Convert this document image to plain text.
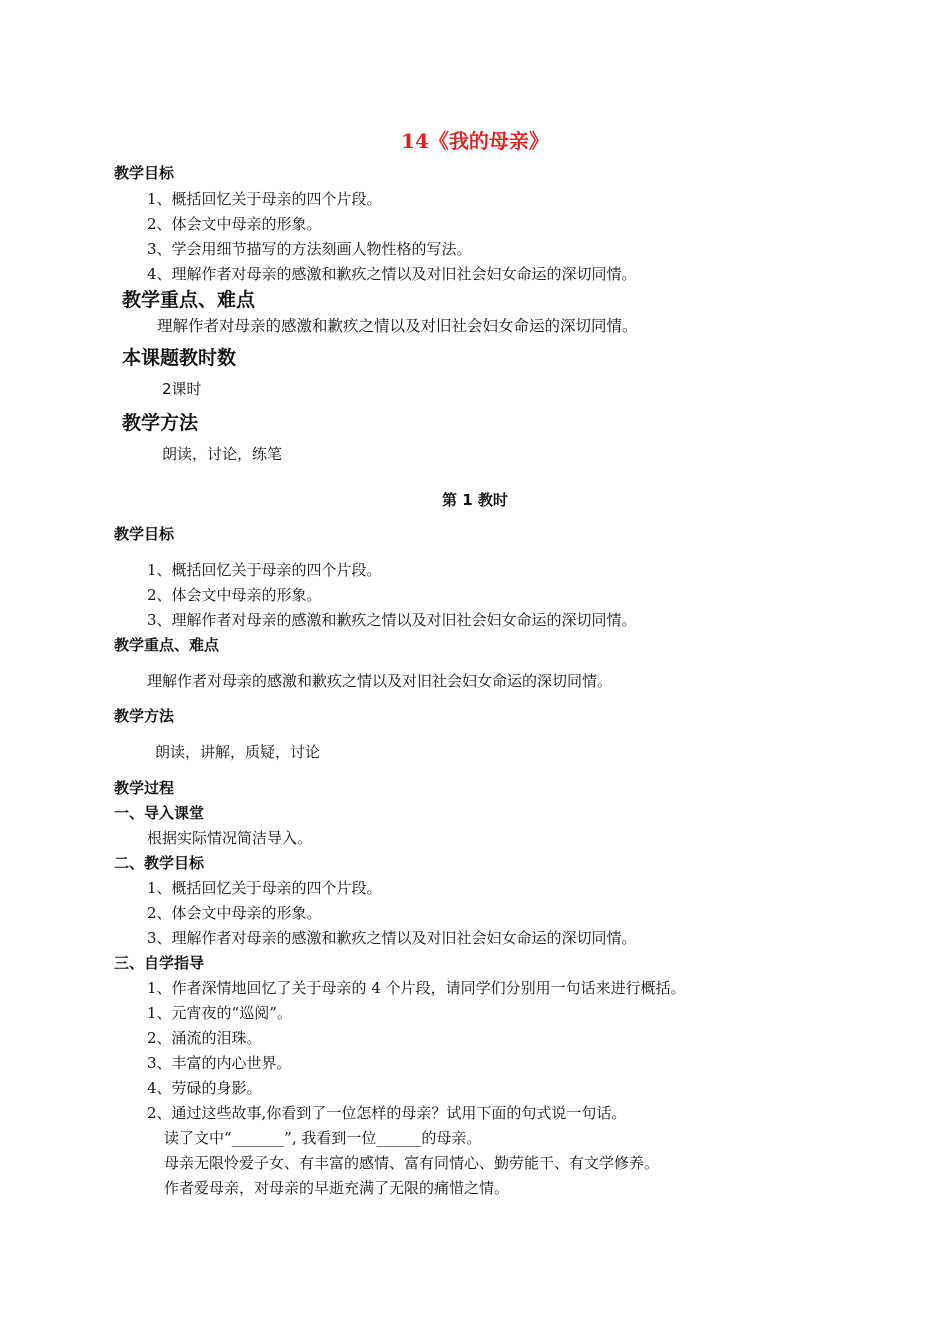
14《我的母亲》
教学目标
1、概括回忆关于母亲的四个片段。
2、体会文中母亲的形象。
3、学会用细节描写的方法刻画人物性格的写法。
4、理解作者对母亲的感激和歉疚之情以及对旧社会妇女命运的深切同情。
教学重点、难点
理解作者对母亲的感激和歉疚之情以及对旧社会妇女命运的深切同情。
本课题教时数
2课时
教学方法
朗读，讨论，练笔
第 1 教时
教学目标
1、概括回忆关于母亲的四个片段。
2、体会文中母亲的形象。
3、理解作者对母亲的感激和歉疚之情以及对旧社会妇女命运的深切同情。
教学重点、难点
理解作者对母亲的感激和歉疚之情以及对旧社会妇女命运的深切同情。
教学方法
朗读，讲解，质疑，讨论
教学过程
一、导入课堂
根据实际情况简洁导入。
二、教学目标
1、概括回忆关于母亲的四个片段。
2、体会文中母亲的形象。
3、理解作者对母亲的感激和歉疚之情以及对旧社会妇女命运的深切同情。
三、自学指导
1、作者深情地回忆了关于母亲的 4 个片段，请同学们分别用一句话来进行概括。
1、元宵夜的“巡阅”。
2、涌流的泪珠。
3、丰富的内心世界。
4、劳碌的身影。
2、通过这些故事,你看到了一位怎样的母亲？试用下面的句式说一句话。
读了文中“_______”, 我看到一位______的母亲。
母亲无限怜爱子女、有丰富的感情、富有同情心、勤劳能干、有文学修养。
作者爱母亲，对母亲的早逝充满了无限的痛惜之情。
